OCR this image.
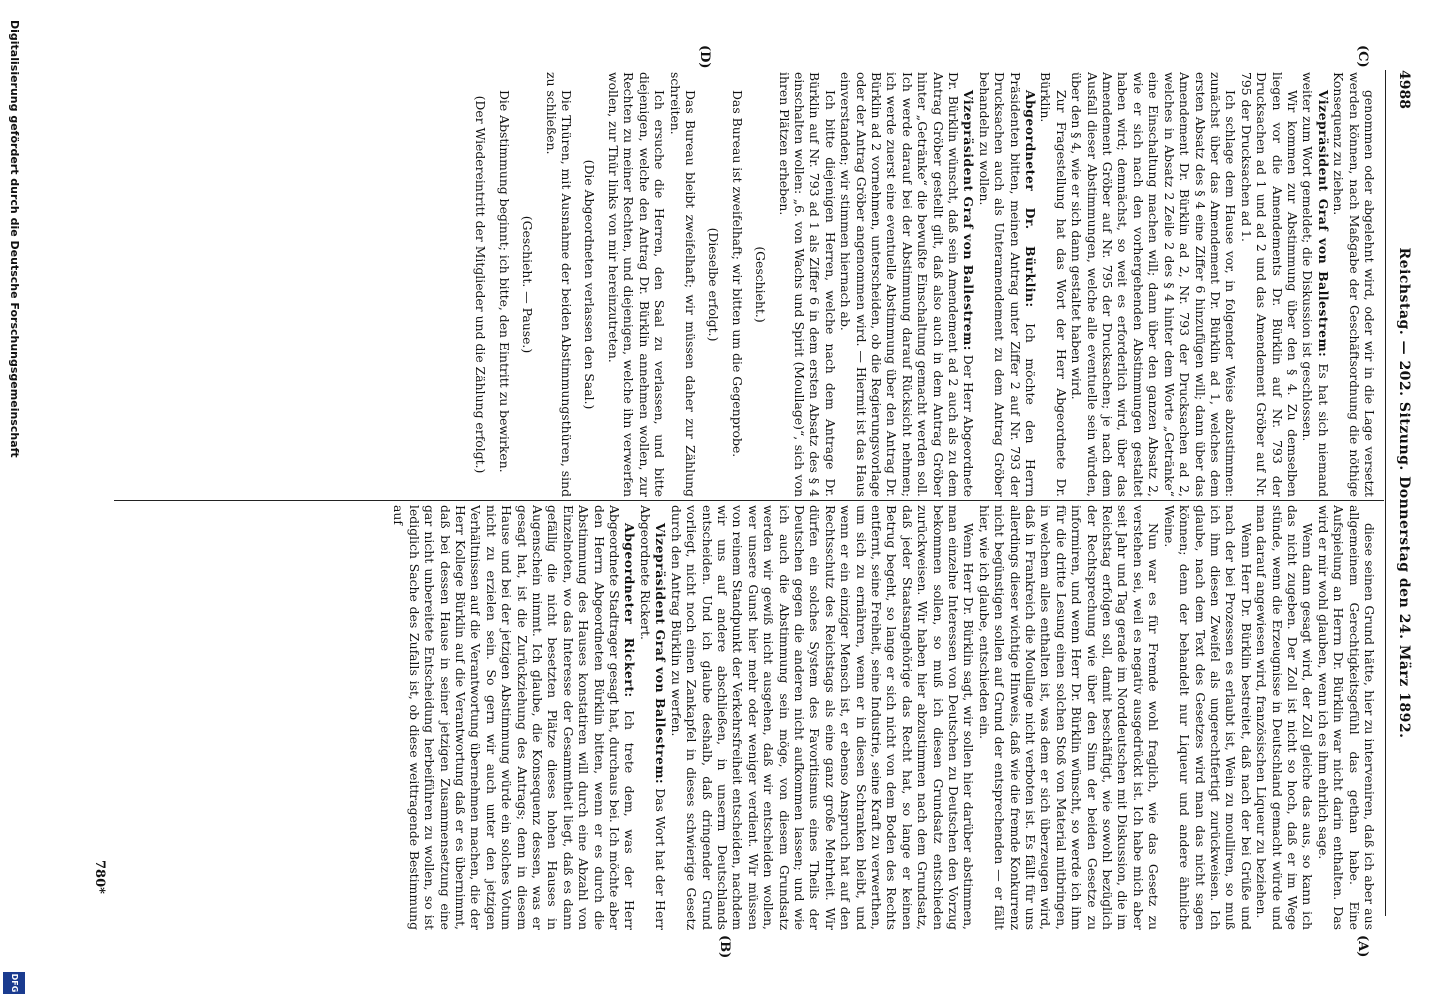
4988
Reichstag. — 202. Sitzung. Donnerstag den 24. März 1892.
(C)
(D)
(A)
(B)

genommen oder abgelehnt wird, oder wir in die Lage versetzt werden können, nach Maßgabe der Geschäftsordnung die nöthige Konsequenz zu ziehen.

Vizepräsident Graf von Ballestrem: Es hat sich niemand weiter zum Wort gemeldet; die Diskussion ist geschlossen.

Wir kommen zur Abstimmung über den § 4. Zu demselben liegen vor die Amendements Dr. Bürklin auf Nr. 793 der Drucksachen ad 1 und ad 2 und das Amendement Gröber auf Nr. 795 der Drucksachen ad 1.

Ich schlage dem Hause vor, in folgender Weise abzustimmen: zunächst über das Amendement Dr. Bürklin ad 1, welches dem ersten Absatz des § 4 eine Ziffer 6 hinzufügen will; dann über das Amendement Dr. Bürklin ad 2, Nr. 793 der Drucksachen ad 2, welches in Absatz 2 Zeile 2 des § 4 hinter dem Worte „Getränke“ eine Einschaltung machen will; dann über den ganzen Absatz 2, wie er sich nach den vorhergehenden Abstimmungen gestaltet haben wird; demnächst, so weit es erforderlich wird, über das Amendement Gröber auf Nr. 795 der Drucksachen; je nach dem Ausfall dieser Abstimmungen, welche alle eventuelle sein würden, über den § 4, wie er sich dann gestaltet haben wird.

Zur Fragestellung hat das Wort der Herr Abgeordnete Dr. Bürklin.

Abgeordneter Dr. Bürklin: Ich möchte den Herrn Präsidenten bitten, meinen Antrag unter Ziffer 2 auf Nr. 793 der Drucksachen auch als Unteramendement zu dem Antrag Gröber behandeln zu wollen.

Vizepräsident Graf von Ballestrem: Der Herr Abgeordnete Dr. Bürklin wünscht, daß sein Amendement ad 2 auch als zu dem Antrag Gröber gestellt gilt, daß also auch in dem Antrag Gröber hinter „Getränke“ die bewußte Einschaltung gemacht werden soll. Ich werde darauf bei der Abstimmung darauf Rücksicht nehmen; ich werde zuerst eine eventuelle Abstimmung über den Antrag Dr. Bürklin ad 2 vornehmen, unterscheiden, ob die Regierungsvorlage oder der Antrag Gröber angenommen wird. — Hiermit ist das Haus einverstanden; wir stimmen hiernach ab.

Ich bitte diejenigen Herren, welche nach dem Antrage Dr. Bürklin auf Nr. 793 ad 1 als Ziffer 6 in dem ersten Absatz des § 4 einschalten wollen: „6. von Wachs und Spirit (Moullage)“, sich von ihren Plätzen erheben.

(Geschieht.)

Das Bureau ist zweifelhaft; wir bitten um die Gegenprobe.

(Dieselbe erfolgt.)

Das Bureau bleibt zweifelhaft; wir müssen daher zur Zählung schreiten.

Ich ersuche die Herren, den Saal zu verlassen, und bitte diejenigen, welche den Antrag Dr. Bürklin annehmen wollen, zur Rechten zu meiner Rechten, und diejenigen, welche ihn verwerfen wollen, zur Thür links von mir hereinzutreten.

(Die Abgeordneten verlassen den Saal.)

Die Thüren, mit Ausnahme der beiden Abstimmungsthüren, sind zu schließen.

(Geschieht. — Pause.)

Die Abstimmung beginnt; ich bitte, den Eintritt zu bewirken.

(Der Wiedereintritt der Mitglieder und die Zählung erfolgt.)

diese seinen Grund hätte, hier zu interveniren, daß ich aber aus allgemeinem Gerechtigkeitsgefühl das gethan habe. Eine Aufspielung an Herrn Dr. Bürklin war nicht darin enthalten. Das wird er mir wohl glauben, wenn ich es ihm ehrlich sage.

Wenn dann gesagt wird, der Zoll gleiche das aus, so kann ich das nicht zugeben. Der Zoll ist nicht so hoch, daß er im Wege stünde, wenn die Erzeugnisse in Deutschland gemacht würde und man darauf angewiesen wird, französischen Liqueur zu beziehen.

Wenn Herr Dr. Bürklin bestreitet, daß nach der bei Grüße und nach der bei Prozessen es erlaubt ist, Wein zu moulliren, so muß ich ihm diesen Zweifel als ungerechtfertigt zurückweisen. Ich glaube, nach dem Text des Gesetzes wird man das nicht sagen können; denn der behandelt nur Liqueur und andere ähnliche Weine.

Nun war es für Fremde wohl fraglich, wie das Gesetz zu verstehen sei, weil es negativ ausgedrückt ist. Ich habe mich aber seit Jahr und Tag gerade im Norddeutschen mit Diskussion, die im Reichstag erfolgen soll, damit beschäftigt, wie sowohl bezüglich der Rechtsprechung wie über den Sinn der beiden Gesetze zu informiren, und wenn Herr Dr. Bürklin wünscht, so werde ich ihm für die dritte Lesung einen solchen Stoß von Material mitbringen, in welchem alles enthalten ist, was dem er sich überzeugen wird, daß in Frankreich die Moullage nicht verboten ist. Es fällt für uns allerdings dieser wichtige Hinweis, daß wie die fremde Konkurrenz nicht begünstigen sollen auf Grund der entsprechenden — er fällt hier, wie ich glaube, entschieden ein.

Wenn Herr Dr. Bürklin sagt, wir sollen hier darüber abstimmen, man einzelne Interessen von Deutschen zu Deutschen den Vorzug bekommen sollen, so muß ich diesen Grundsatz entschieden zurückweisen. Wir haben hier abzustimmen nach dem Grundsatz, daß jeder Staatsangehörige das Recht hat, so lange er keinen Betrug begeht, so lange er sich nicht von dem Boden des Rechts entfernt, seine Freiheit, seine Industrie, seine Kraft zu verwerthen, um sich zu ernähren, wenn er in diesen Schranken bleibt, und wenn er ein einziger Mensch ist, er ebenso Anspruch hat auf den Rechtsschutz des Reichstags als eine ganz große Mehrheit. Wir dürfen ein solches System des Favoritismus eines Theils der Deutschen gegen die anderen nicht aufkommen lassen; und wie ich auch die Abstimmung sein möge, von diesem Grundsatz werden wir gewiß nicht ausgehen, daß wir entscheiden wollen, wer unsere Gunst hier mehr oder weniger verdient. Wir müssen von reinem Standpunkt der Verkehrsfreiheit entscheiden, nachdem wir uns auf andere abschließen, in unserm Deutschlands entscheiden. Und ich glaube deshalb, daß dringender Grund vorliegt, nicht noch einen Zankapfel in dieses schwierige Gesetz durch den Antrag Bürklin zu werfen.

Vizepräsident Graf von Ballestrem: Das Wort hat der Herr Abgeordnete Rickert.

Abgeordneter Rickert: Ich trete dem, was der Herr Abgeordnete Stadtrager gesagt hat, durchaus bei. Ich möchte aber den Herrn Abgeordneten Bürklin bitten, wenn er es durch die Abstimmung des Hauses konstatiren will durch eine Abzahl von Einzelnoten, wo das Interesse der Gesammtheit liegt, daß es dann gefällig die nicht besetzten Plätze dieses hohen Hauses in Augenschein nimmt. Ich glaube, die Konsequenz dessen, was er gesagt hat, ist die Zurückziehung des Antrags; denn in diesem Hause und bei der jetzigen Abstimmung würde ein solches Votum nicht zu erzielen sein. So gern wir auch unter den jetzigen Verhältnissen auf die Verantwortung übernehmen machen, die der Herr Kollege Bürklin auf die Verantwortung daß er es übernimmt, daß bei dessen Hause in seiner jetzigen Zusammensetzung eine gar nicht unbereitete Entscheidung herbeiführen zu wollen, so ist lediglich Sache des Zufalls ist, ob diese weittragende Bestimmung auf

780*
Digitalisierung gefördert durch die Deutsche Forschungsgemeinschaft
DFG
